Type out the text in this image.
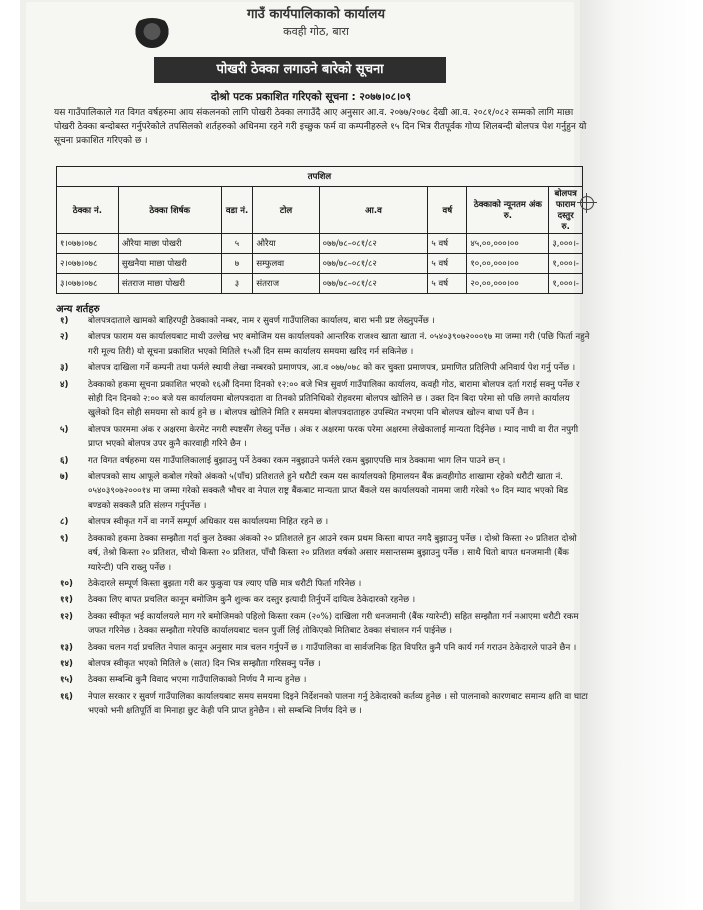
गाउँ कार्यपालिकाको कार्यालय
कवही गोठ, बारा
पोखरी ठेक्का लगाउने बारेको सूचना
दोश्रो पटक प्रकाशित गरिएको सूचना : २०७७।०८।०९
यस गाउँपालिकाले गत विगत वर्षहरुमा आय संकलनको लागि पोखरी ठेक्का लगाउँदै आए अनुसार आ.व. २०७७/२०७८ देखी आ.व. २०८१/०८२ सम्मको लागि माछा पोखरी ठेक्का बन्दोबस्त गर्नुपरेकोले तपसिलको शर्तहरुको अधिनमा रहने गरी इच्छुक फर्म वा कम्पनीहरुले १५ दिन भित्र रीतपूर्वक गोप्य शिलबन्दी बोलपत्र पेश गर्नुहुन यो सूचना प्रकाशित गरिएको छ ।
तपशिल							
ठेक्का नं.	ठेक्का शिर्षक	वडा नं.	टोल	आ.व	वर्ष	ठेक्काको न्यूनतम अंक रु.	बोलपत्र फाराम दस्तुर रु.
१।०७७।०७८	औरैया माछा पोखरी	५	औरैया	०७७/७८–०८१/८२	५ वर्ष	४५,००,०००।००	३,०००।-
२।०७७।०७८	सुखनैया माछा पोखरी	७	सम्फुलवा	०७७/७८–०८१/८२	५ वर्ष	१०,००,०००।००	१,०००।-
३।०७७।०७८	संतराज माछा पोखरी	३	संतराज	०७७/७८–०८१/८२	५ वर्ष	२०,००,०००।००	१,०००।-
अन्य शर्तहरु
१) बोलपत्रदाताले खामको बाहिरपट्टी ठेक्काको नम्बर, नाम र सुवर्ण गाउँपालिका कार्यालय, बारा भनी प्रष्ट लेख्नुपर्नेछ ।
२) बोलपत्र फाराम यस कार्यालयबाट माथी उल्लेख भए बमोजिम यस कार्यालयको आन्तरिक राजश्व खाता खाता नं. ०५४०३९०७२०००१७ मा जम्मा गरी (पछि फिर्ता नहुने गरी मूल्य तिरी) यो सूचना प्रकाशित भएको मितिले १५औं दिन सम्म कार्यालय समयमा खरिद गर्न सकिनेछ ।
३) बोलपत्र दाखिला गर्ने कम्पनी तथा फर्मले स्थायी लेखा नम्बरको प्रमाणपत्र, आ.व ०७७/०७८ को कर चुक्ता प्रमाणपत्र, प्रमाणित प्रतिलिपी अनिवार्य पेश गर्नु पर्नेछ ।
४) ठेक्काको हकमा सूचना प्रकाशित भएको १६औं दिनमा दिनको १२:०० बजे भित्र सुवर्ण गाउँपालिका कार्यालय, कवही गोठ, बारामा बोलपत्र दर्ता गराई सक्नु पर्नेछ र सोही दिन दिनको २:०० बजे यस कार्यालयमा बोलपत्रदाता वा तिनको प्रतिनिधिको रोहवरमा बोलपत्र खोलिने छ । उक्त दिन बिदा परेमा सो पछि लगत्ते कार्यालय खुलेको दिन सोही समयमा सो कार्य हुने छ । बोलपत्र खोलिने मिति र समयमा बोलपत्रदाताहरु उपस्थित नभएमा पनि बोलपत्र खोल्न बाधा पर्ने छैन ।
५) बोलपत्र फारममा अंक र अक्षरमा केरमेट नगरी स्पष्टसँग लेख्नु पर्नेछ । अंक र अक्षरमा फरक परेमा अक्षरमा लेखेकालाई मान्यता दिईनेछ । म्याद नाघी वा रीत नपुगी प्राप्त भएको बोलपत्र उपर कुनै कारवाही गरिने छैन ।
६) गत विगत वर्षहरुमा यस गाउँपालिकालाई बुझाउनु पर्ने ठेक्का रकम नबुझाउने फर्मले रकम बुझाएपछि मात्र ठेक्कामा भाग लिन पाउने छन् ।
७) बोलपत्रको साथ आफूले कबोल गरेको अंकको ५(पाँच) प्रतिशतले हुने धरौटी रकम यस कार्यालयको हिमालयन बैंक क्रवहीगोठ शाखामा रहेको धरौटी खाता नं. ०५४०३९०७२०००१४ मा जम्मा गरेको सक्कलै भौचर वा नेपाल राष्ट्र बैंकबाट मान्यता प्राप्त बैंकले यस कार्यालयको नाममा जारी गरेको ९० दिन म्याद भएको बिड बण्डको सक्कलै प्रति संलग्न गर्नुपर्नेछ ।
८) बोलपत्र स्वीकृत गर्ने वा नगर्ने सम्पूर्ण अधिकार यस कार्यालयमा निहित रहने छ ।
९) ठेक्काको हकमा ठेक्का सम्झौता गर्दा कुल ठेक्का अंकको २० प्रतिशतले हुन आउने रकम प्रथम किस्ता बापत नगदै बुझाउनु पर्नेछ । दोश्रो किस्ता २० प्रतिशत दोश्रो वर्ष, तेश्रो किस्ता २० प्रतिशत, चौथो किस्ता २० प्रतिशत, पाँचौ किस्ता २० प्रतिशत वर्षको असार मसान्तसम्म बुझाउनु पर्नेछ । साथै धितो बापत धनजमानी (बैंक ग्यारेन्टी) पनि राख्नु पर्नेछ ।
१०) ठेकेदारले सम्पूर्ण किस्ता बुझता गरी कर फुकुवा पत्र ल्याए पछि मात्र धरौटी फिर्ता गरिनेछ ।
११) ठेक्का लिए बापत प्रचलित कानून बमोजिम कुनै शुल्क कर दस्तुर इत्यादी तिर्नुपर्ने दायित्व ठेकेदारको रहनेछ ।
१२) ठेक्का स्वीकृत भई कार्यालयले माग गरे बमोजिमको पहिलो किस्ता रकम (२०%) दाखिला गरी धनजमानी (बैंक ग्यारेन्टी) सहित सम्झौता गर्न नआएमा धरौटी रकम जफत गरिनेछ । ठेक्का सम्झौता गरेपछि कार्यालयबाट चलन पुर्जी लिई तोकिएको मितिबाट ठेक्का संचालन गर्न पाईनेछ ।
१३) ठेक्का चलन गर्दा प्रचलित नेपाल कानून अनुसार मात्र चलन गर्नुपर्ने छ । गाउँपालिका वा सार्वजनिक हित विपरित कुनै पनि कार्य गर्न गराउन ठेकेदारले पाउने छैन ।
१४) बोलपत्र स्वीकृत भएको मितिले ७ (सात) दिन भित्र सम्झौता गरिसक्नु पर्नेछ ।
१५) ठेक्का सम्बन्धि कुनै विवाद भएमा गाउँपालिकाको निर्णय नै मान्य हुनेछ ।
१६) नेपाल सरकार र सुवर्ण गाउँपालिका कार्यालयबाट समय समयमा दिइने निर्देशनको पालना गर्नु ठेकेदारको कर्तव्य हुनेछ । सो पालनाको कारणबाट समान्य क्षति वा घाटा भएको भनी क्षतिपूर्ति वा मिनाहा छुट केही पनि प्राप्त हुनेछैन । सो सम्बन्धि निर्णय दिने छ ।
